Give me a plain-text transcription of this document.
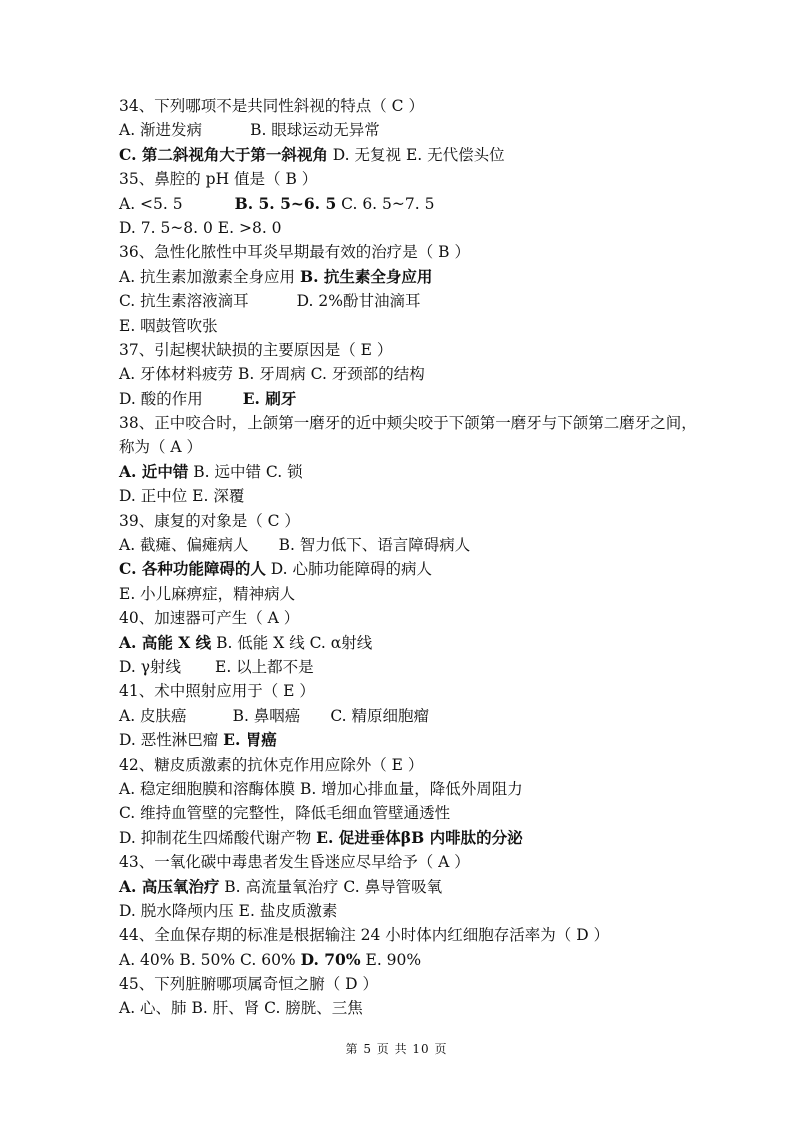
34、下列哪项不是共同性斜视的特点（ C ）
A. 渐进发病	B. 眼球运动无异常
C. 第二斜视角大于第一斜视角 D. 无复视 E. 无代偿头位
35、鼻腔的 pH 值是（ B ）
A. <5. 5	B. 5. 5~6. 5 C. 6. 5~7. 5
D. 7. 5~8. 0 E. >8. 0
36、急性化脓性中耳炎早期最有效的治疗是（ B ）
A. 抗生素加激素全身应用 B. 抗生素全身应用
C. 抗生素溶液滴耳	D. 2%酚甘油滴耳
E. 咽鼓管吹张
37、引起楔状缺损的主要原因是（ E ）
A. 牙体材料疲劳 B. 牙周病 C. 牙颈部的结构
D. 酸的作用	E. 刷牙
38、正中咬合时，上颌第一磨牙的近中颊尖咬于下颌第一磨牙与下颌第二磨牙之间，
称为（ A ）
A. 近中错 B. 远中错 C. 锁
D. 正中位 E. 深覆
39、康复的对象是（ C ）
A. 截瘫、偏瘫病人 B. 智力低下、语言障碍病人
C. 各种功能障碍的人 D. 心肺功能障碍的病人
E. 小儿麻痹症，精神病人
40、加速器可产生（ A ）
A. 高能 X 线 B. 低能 X 线 C. α射线
D. γ射线 E. 以上都不是
41、术中照射应用于（ E ）
A. 皮肤癌	B. 鼻咽癌 C. 精原细胞瘤
D. 恶性淋巴瘤 E. 胃癌
42、糖皮质激素的抗休克作用应除外（ E ）
A. 稳定细胞膜和溶酶体膜 B. 增加心排血量，降低外周阻力
C. 维持血管壁的完整性，降低毛细血管壁通透性
D. 抑制花生四烯酸代谢产物 E. 促进垂体βB 内啡肽的分泌
43、一氧化碳中毒患者发生昏迷应尽早给予（ A ）
A. 高压氧治疗 B. 高流量氧治疗 C. 鼻导管吸氧
D. 脱水降颅内压 E. 盐皮质激素
44、全血保存期的标准是根据输注 24 小时体内红细胞存活率为（ D ）
A. 40% B. 50% C. 60% D. 70% E. 90%
45、下列脏腑哪项属奇恒之腑（ D ）
A. 心、肺 B. 肝、肾 C. 膀胱、三焦
第 5 页 共 10 页
